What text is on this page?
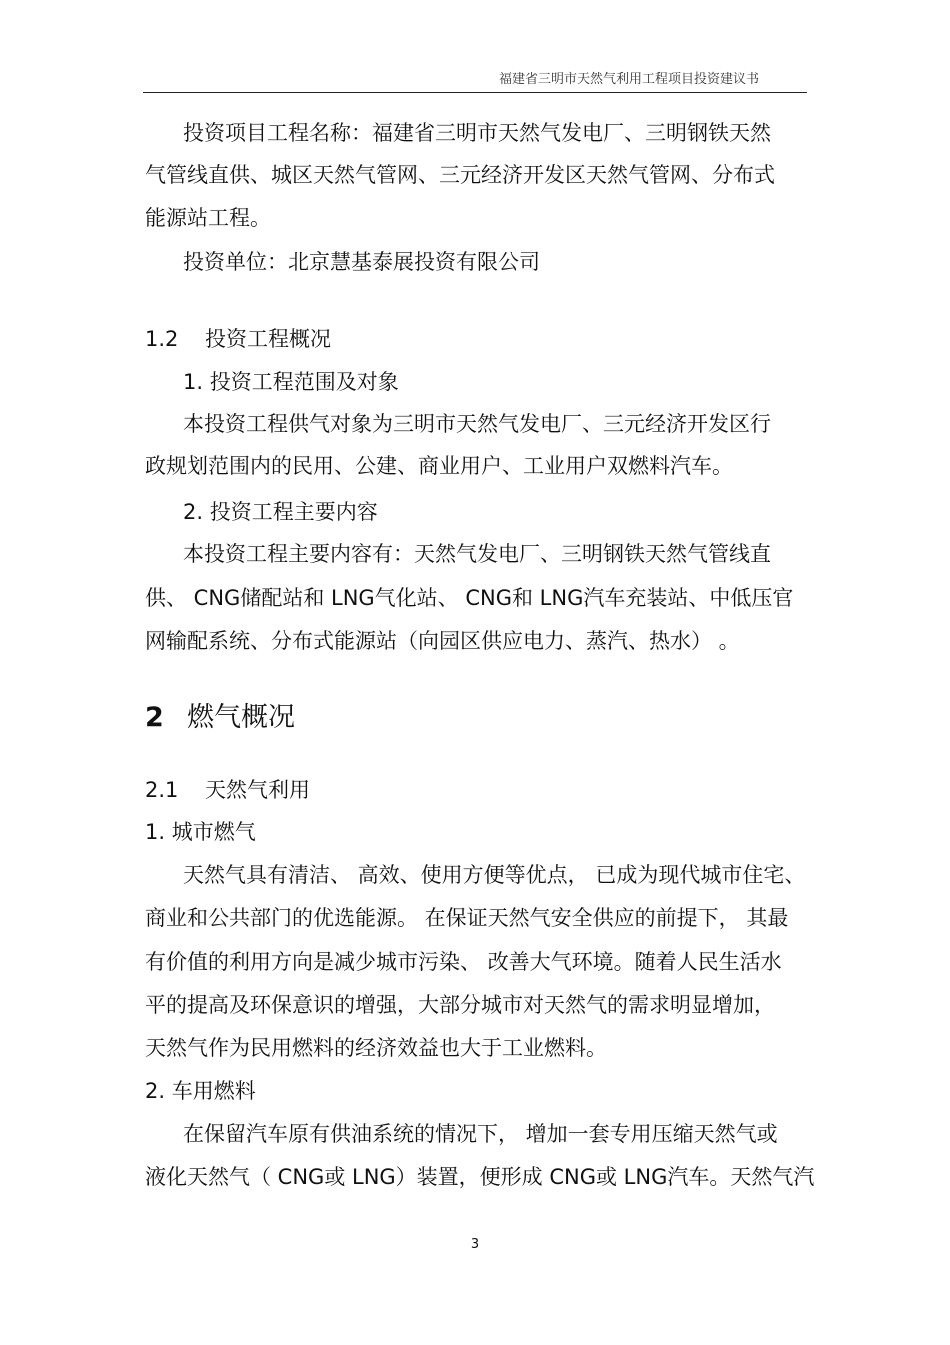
福建省三明市天然气利用工程项目投资建议书
投资项目工程名称：福建省三明市天然气发电厂、三明钢铁天然
气管线直供、城区天然气管网、三元经济开发区天然气管网、分布式
能源站工程。
投资单位：北京慧基泰展投资有限公司
1.2 投资工程概况
1. 投资工程范围及对象
本投资工程供气对象为三明市天然气发电厂、三元经济开发区行
政规划范围内的民用、公建、商业用户、工业用户双燃料汽车。
2. 投资工程主要内容
本投资工程主要内容有：天然气发电厂、三明钢铁天然气管线直
供、 CNG储配站和 LNG气化站、 CNG和 LNG汽车充装站、中低压官
网输配系统、分布式能源站（向园区供应电力、蒸汽、热水） 。
2 燃气概况
2.1 天然气利用
1. 城市燃气
天然气具有清洁、 高效、使用方便等优点， 已成为现代城市住宅、
商业和公共部门的优选能源。 在保证天然气安全供应的前提下， 其最
有价值的利用方向是减少城市污染、 改善大气环境。随着人民生活水
平的提高及环保意识的增强，大部分城市对天然气的需求明显增加，
天然气作为民用燃料的经济效益也大于工业燃料。
2. 车用燃料
在保留汽车原有供油系统的情况下， 增加一套专用压缩天然气或
液化天然气（ CNG或 LNG）装置，便形成 CNG或 LNG汽车。天然气汽
3
